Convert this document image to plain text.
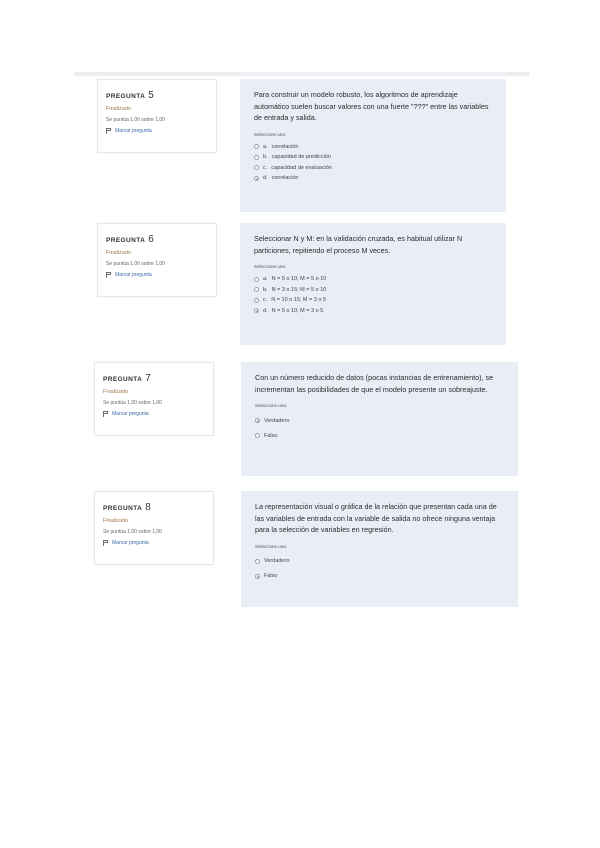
PREGUNTA 5
Finalizado
Se puntúa 1,00 sobre 1,00
Marcar pregunta

Para construir un modelo robusto, los algoritmos de aprendizaje automático suelen buscar valores con una fuerte "???" entre las variables de entrada y salida.

Seleccione una:
a. correlación
b. capacidad de predicción
c. capacidad de evaluación
d. correlación
PREGUNTA 6
Finalizado
Se puntúa 1,00 sobre 1,00
Marcar pregunta

Seleccionar N y M: en la validación cruzada, es habitual utilizar N particiones, repitiendo el proceso M veces.

Seleccione una:
a. N = 5 o 10; M = 5 o 10
b. N = 3 o 15; M = 5 o 10
c. N = 10 o 15; M = 3 o 5
d. N = 5 o 10; M = 3 o 5
PREGUNTA 7
Finalizado
Se puntúa 1,00 sobre 1,00
Marcar pregunta

Con un número reducido de datos (pocas instancias de entrenamiento), se incrementan las posibilidades de que el modelo presente un sobreajuste.

Seleccione una:
Verdadero
Falso
PREGUNTA 8
Finalizado
Se puntúa 1,00 sobre 1,00
Marcar pregunta

La representación visual o gráfica de la relación que presentan cada una de las variables de entrada con la variable de salida no ofrece ninguna ventaja para la selección de variables en regresión.

Seleccione una:
Verdadero
Falso
